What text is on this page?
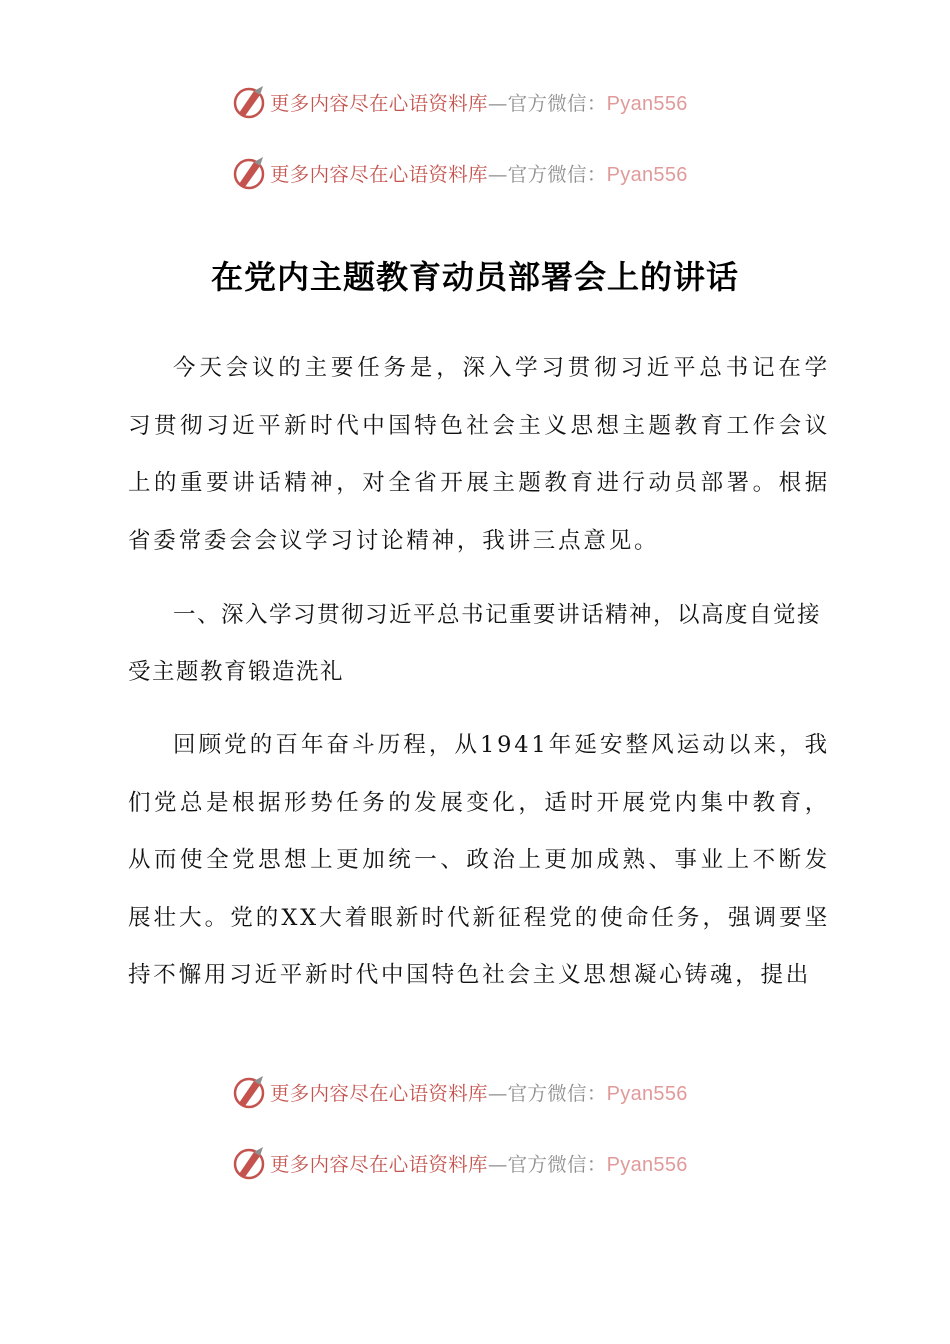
更多内容尽在心语资料库—官方微信：Pyan556
更多内容尽在心语资料库—官方微信：Pyan556
在党内主题教育动员部署会上的讲话

今天会议的主要任务是，深入学习贯彻习近平总书记在学习贯彻习近平新时代中国特色社会主义思想主题教育工作会议上的重要讲话精神，对全省开展主题教育进行动员部署。根据省委常委会会议学习讨论精神，我讲三点意见。

一、深入学习贯彻习近平总书记重要讲话精神，以高度自觉接受主题教育锻造洗礼

回顾党的百年奋斗历程，从1941年延安整风运动以来，我们党总是根据形势任务的发展变化，适时开展党内集中教育，从而使全党思想上更加统一、政治上更加成熟、事业上不断发展壮大。党的XX大着眼新时代新征程党的使命任务，强调要坚持不懈用习近平新时代中国特色社会主义思想凝心铸魂，提出

更多内容尽在心语资料库—官方微信：Pyan556
更多内容尽在心语资料库—官方微信：Pyan556
